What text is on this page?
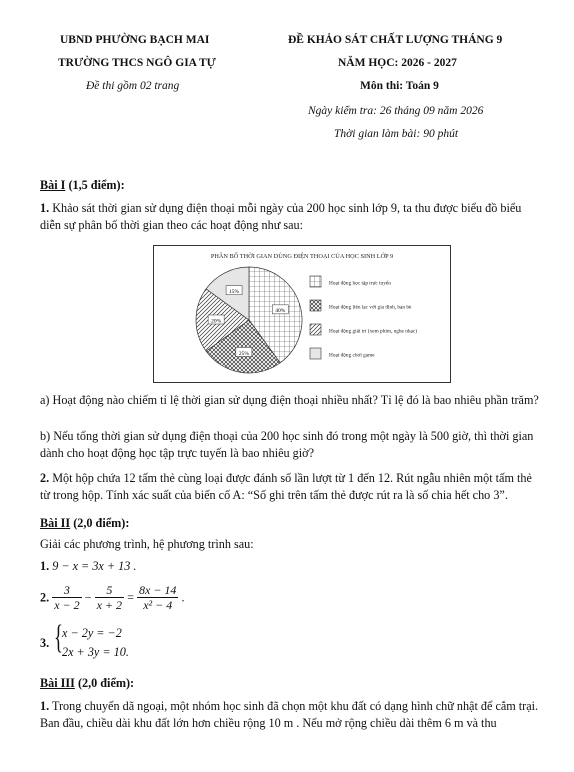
UBND PHƯỜNG BẠCH MAI
TRƯỜNG THCS NGÔ GIA TỰ
Đề thi gồm 02 trang
ĐỀ KHẢO SÁT CHẤT LƯỢNG THÁNG 9
NĂM HỌC: 2026 - 2027
Môn thi: Toán 9
Ngày kiểm tra: 26 tháng 09 năm 2026
Thời gian làm bài: 90 phút
Bài I (1,5 điểm):
1. Khảo sát thời gian sử dụng điện thoại mỗi ngày của 200 học sinh lớp 9, ta thu được biểu đồ biểu diễn sự phân bố thời gian theo các hoạt động như sau:
PHÂN BỐ THỜI GIAN DÙNG ĐIỆN THOẠI CỦA HỌC SINH LỚP 9
40%
25%
20%
15%
Hoạt động học tập trực tuyến
Hoạt động liên lạc với gia đình, bạn bè
Hoạt động giải trí (xem phim, nghe nhạc)
Hoạt động chơi game
a) Hoạt động nào chiếm tỉ lệ thời gian sử dụng điện thoại nhiều nhất? Tỉ lệ đó là bao nhiêu phần trăm?
b) Nếu tổng thời gian sử dụng điện thoại của 200 học sinh đó trong một ngày là 500 giờ, thì thời gian dành cho hoạt động học tập trực tuyến là bao nhiêu giờ?
2. Một hộp chứa 12 tấm thẻ cùng loại được đánh số lần lượt từ 1 đến 12. Rút ngẫu nhiên một tấm thẻ từ trong hộp. Tính xác suất của biến cố A: “Số ghi trên tấm thẻ được rút ra là số chia hết cho 3”.
Bài II (2,0 điểm):
Giải các phương trình, hệ phương trình sau:
1. 9 − x = 3x + 13 .
2. $\frac{3}{x - 2} - \frac{5}{x + 2} = \frac{8x - 14}{\text{x² − 4}}$ .
3. { x − 2y = −2
2x + 3y = 10.
Bài III (2,0 điểm):
1. Trong chuyến dã ngoại, một nhóm học sinh đã chọn một khu đất có dạng hình chữ nhật để cắm trại. Ban đầu, chiều dài khu đất lớn hơn chiều rộng 10 m . Nếu mở rộng chiều dài thêm 6 m và thu
